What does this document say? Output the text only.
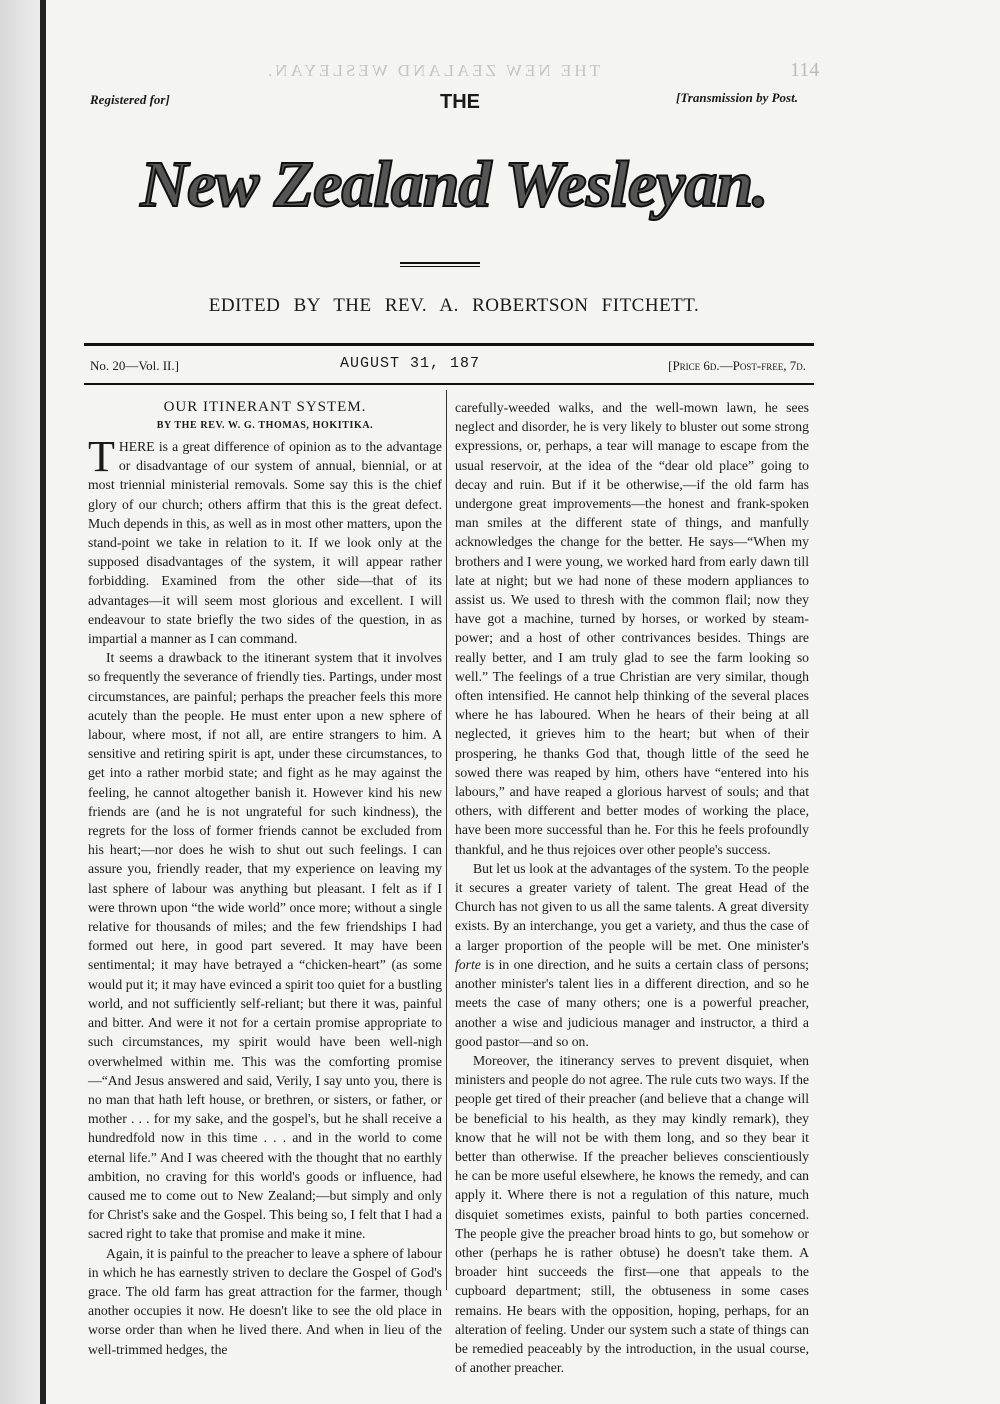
THE NEW ZEALAND WESLEYAN.	114
Registered for]	THE	[Transmission by Post.
New Zealand Wesleyan.
EDITED BY THE REV. A. ROBERTSON FITCHETT.
No. 20—Vol. II.]	AUGUST 31, 187	[Price 6d.—Post-free, 7d.
OUR ITINERANT SYSTEM.
BY THE REV. W. G. THOMAS, HOKITIKA.

THERE is a great difference of opinion as to the advantage or disadvantage of our system of annual, biennial, or at most triennial ministerial removals. Some say this is the chief glory of our church; others affirm that this is the great defect. Much depends in this, as well as in most other matters, upon the stand-point we take in relation to it. If we look only at the supposed disadvantages of the system, it will appear rather forbidding. Examined from the other side—that of its advantages—it will seem most glorious and excellent. I will endeavour to state briefly the two sides of the question, in as impartial a manner as I can command.

It seems a drawback to the itinerant system that it involves so frequently the severance of friendly ties. Partings, under most circumstances, are painful; perhaps the preacher feels this more acutely than the people. He must enter upon a new sphere of labour, where most, if not all, are entire strangers to him. A sensitive and retiring spirit is apt, under these circumstances, to get into a rather morbid state; and fight as he may against the feeling, he cannot altogether banish it. However kind his new friends are (and he is not ungrateful for such kindness), the regrets for the loss of former friends cannot be excluded from his heart;—nor does he wish to shut out such feelings. I can assure you, friendly reader, that my experience on leaving my last sphere of labour was anything but pleasant. I felt as if I were thrown upon “the wide world” once more; without a single relative for thousands of miles; and the few friendships I had formed out here, in good part severed. It may have been sentimental; it may have betrayed a “chicken-heart” (as some would put it; it may have evinced a spirit too quiet for a bustling world, and not sufficiently self-reliant; but there it was, painful and bitter. And were it not for a certain promise appropriate to such circumstances, my spirit would have been well-nigh overwhelmed within me. This was the comforting promise—“And Jesus answered and said, Verily, I say unto you, there is no man that hath left house, or brethren, or sisters, or father, or mother . . . for my sake, and the gospel's, but he shall receive a hundredfold now in this time . . . and in the world to come eternal life.” And I was cheered with the thought that no earthly ambition, no craving for this world's goods or influence, had caused me to come out to New Zealand;—but simply and only for Christ's sake and the Gospel. This being so, I felt that I had a sacred right to take that promise and make it mine.

Again, it is painful to the preacher to leave a sphere of labour in which he has earnestly striven to declare the Gospel of God's grace. The old farm has great attraction for the farmer, though another occupies it now. He doesn't like to see the old place in worse order than when he lived there. And when in lieu of the well-trimmed hedges, the

carefully-weeded walks, and the well-mown lawn, he sees neglect and disorder, he is very likely to bluster out some strong expressions, or, perhaps, a tear will manage to escape from the usual reservoir, at the idea of the “dear old place” going to decay and ruin. But if it be otherwise,—if the old farm has undergone great improvements—the honest and frank-spoken man smiles at the different state of things, and manfully acknowledges the change for the better. He says—“When my brothers and I were young, we worked hard from early dawn till late at night; but we had none of these modern appliances to assist us. We used to thresh with the common flail; now they have got a machine, turned by horses, or worked by steam-power; and a host of other contrivances besides. Things are really better, and I am truly glad to see the farm looking so well.” The feelings of a true Christian are very similar, though often intensified. He cannot help thinking of the several places where he has laboured. When he hears of their being at all neglected, it grieves him to the heart; but when of their prospering, he thanks God that, though little of the seed he sowed there was reaped by him, others have “entered into his labours,” and have reaped a glorious harvest of souls; and that others, with different and better modes of working the place, have been more successful than he. For this he feels profoundly thankful, and he thus rejoices over other people's success.

But let us look at the advantages of the system. To the people it secures a greater variety of talent. The great Head of the Church has not given to us all the same talents. A great diversity exists. By an interchange, you get a variety, and thus the case of a larger proportion of the people will be met. One minister's forte is in one direction, and he suits a certain class of persons; another minister's talent lies in a different direction, and so he meets the case of many others; one is a powerful preacher, another a wise and judicious manager and instructor, a third a good pastor—and so on.

Moreover, the itinerancy serves to prevent disquiet, when ministers and people do not agree. The rule cuts two ways. If the people get tired of their preacher (and believe that a change will be beneficial to his health, as they may kindly remark), they know that he will not be with them long, and so they bear it better than otherwise. If the preacher believes conscientiously he can be more useful elsewhere, he knows the remedy, and can apply it. Where there is not a regulation of this nature, much disquiet sometimes exists, painful to both parties concerned. The people give the preacher broad hints to go, but somehow or other (perhaps he is rather obtuse) he doesn't take them. A broader hint succeeds the first—one that appeals to the cupboard department; still, the obtuseness in some cases remains. He bears with the opposition, hoping, perhaps, for an alteration of feeling. Under our system such a state of things can be remedied peaceably by the introduction, in the usual course, of another preacher.
